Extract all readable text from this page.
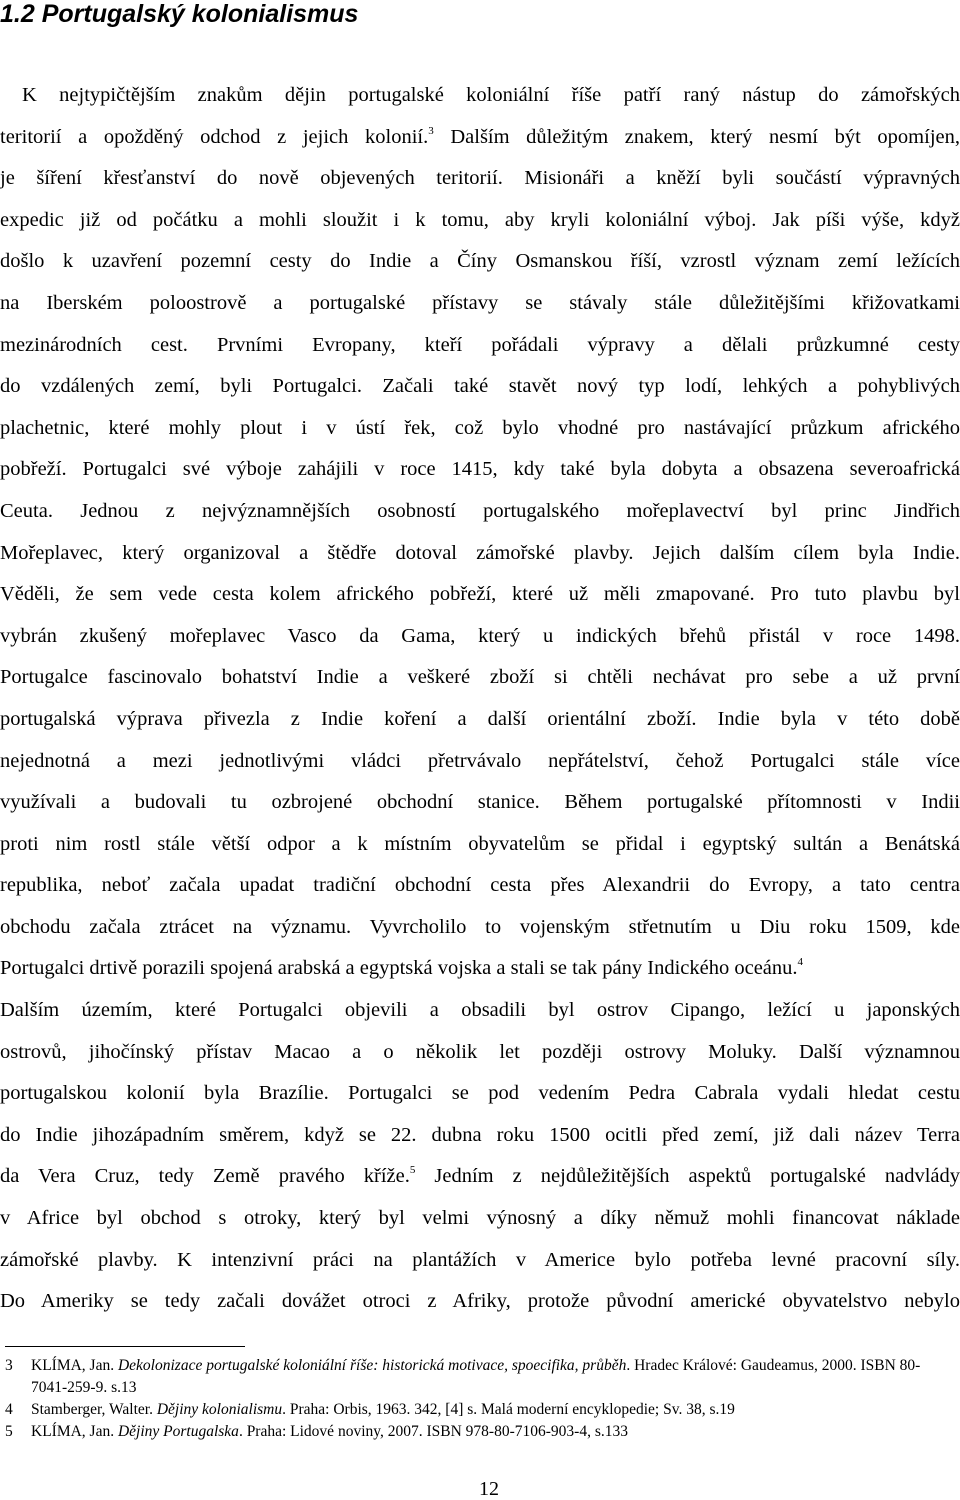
1.2 Portugalský kolonialismus
K nejtypičtějším znakům dějin portugalské koloniální říše patří raný nástup do zámořských
teritorií a opožděný odchod z jejich kolonií.$^3$ Dalším důležitým znakem, který nesmí být opomíjen,
je šíření křesťanství do nově objevených teritorií. Misionáři a kněží byli součástí výpravných
expedic již od počátku a mohli sloužit i k tomu, aby kryli koloniální výboj. Jak píši výše, když
došlo k uzavření pozemní cesty do Indie a Číny Osmanskou říší, vzrostl význam zemí ležících
na Iberském poloostrově a portugalské přístavy se stávaly stále důležitějšími křižovatkami
mezinárodních cest. Prvními Evropany, kteří pořádali výpravy a dělali průzkumné cesty
do vzdálených zemí, byli Portugalci. Začali také stavět nový typ lodí, lehkých a pohyblivých
plachetnic, které mohly plout i v ústí řek, což bylo vhodné pro nastávající průzkum afrického
pobřeží. Portugalci své výboje zahájili v roce 1415, kdy také byla dobyta a obsazena severoafrická
Ceuta. Jednou z nejvýznamnějších osobností portugalského mořeplavectví byl princ Jindřich
Mořeplavec, který organizoval a štědře dotoval zámořské plavby. Jejich dalším cílem byla Indie.
Věděli, že sem vede cesta kolem afrického pobřeží, které už měli zmapované. Pro tuto plavbu byl
vybrán zkušený mořeplavec Vasco da Gama, který u indických břehů přistál v roce 1498.
Portugalce fascinovalo bohatství Indie a veškeré zboží si chtěli nechávat pro sebe a už první
portugalská výprava přivezla z Indie koření a další orientální zboží. Indie byla v této době
nejednotná a mezi jednotlivými vládci přetrvávalo nepřátelství, čehož Portugalci stále více
využívali a budovali tu ozbrojené obchodní stanice. Během portugalské přítomnosti v Indii
proti nim rostl stále větší odpor a k místním obyvatelům se přidal i egyptský sultán a Benátská
republika, neboť začala upadat tradiční obchodní cesta přes Alexandrii do Evropy, a tato centra
obchodu začala ztrácet na významu. Vyvrcholilo to vojenským střetnutím u Diu roku 1509, kde
Portugalci drtivě porazili spojená arabská a egyptská vojska a stali se tak pány Indického oceánu.$^4$
Dalším územím, které Portugalci objevili a obsadili byl ostrov Cipango, ležící u japonských
ostrovů, jihočínský přístav Macao a o několik let později ostrovy Moluky. Další významnou
portugalskou kolonií byla Brazílie. Portugalci se pod vedením Pedra Cabrala vydali hledat cestu
do Indie jihozápadním směrem, když se 22. dubna roku 1500 ocitli před zemí, již dali název Terra
da Vera Cruz, tedy Země pravého kříže.$^5$ Jedním z nejdůležitějších aspektů portugalské nadvlády
v Africe byl obchod s otroky, který byl velmi výnosný a díky němuž mohli financovat náklade
zámořské plavby. K intenzivní práci na plantážích v Americe bylo potřeba levné pracovní síly.
Do Ameriky se tedy začali dovážet otroci z Afriky, protože původní americké obyvatelstvo nebylo
3 KLÍMA, Jan. Dekolonizace portugalské koloniální říše: historická motivace, spoecifika, průběh. Hradec Králové: Gaudeamus, 2000. ISBN 80-7041-259-9. s.13
4 Stamberger, Walter. Dějiny kolonialismu. Praha: Orbis, 1963. 342, [4] s. Malá moderní encyklopedie; Sv. 38, s.19
5 KLÍMA, Jan. Dějiny Portugalska. Praha: Lidové noviny, 2007. ISBN 978-80-7106-903-4, s.133
12
